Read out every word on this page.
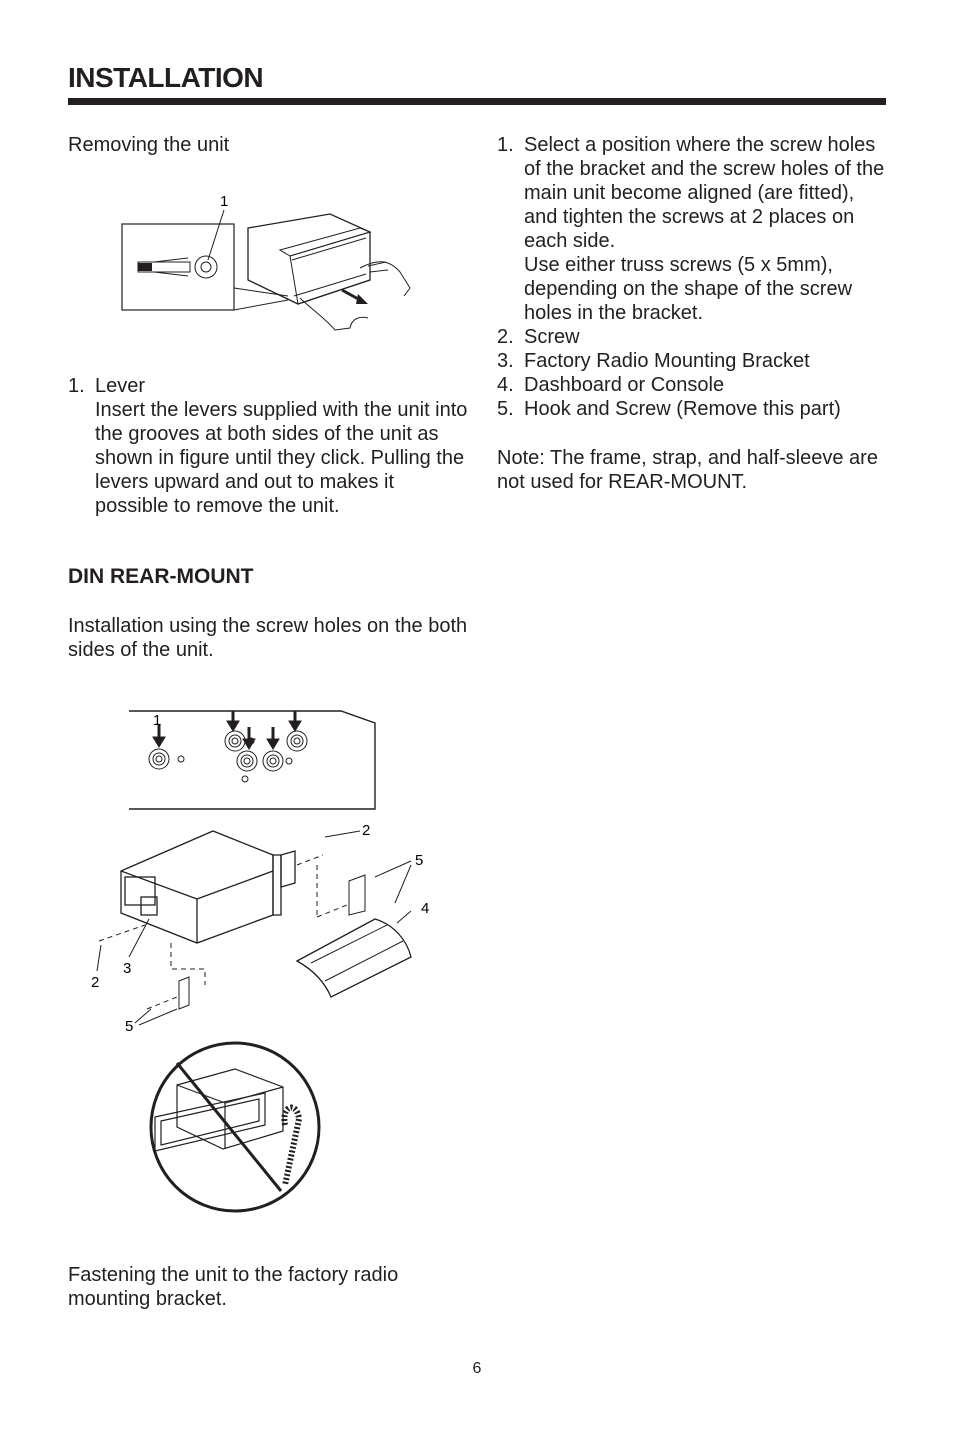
INSTALLATION
Removing the unit
1
1. Lever
Insert the levers supplied with the unit into the grooves at both sides of the unit as shown in figure until they click. Pulling the levers upward and out to makes it possible to remove the unit.
DIN REAR-MOUNT
Installation using the screw holes on the both sides of the unit.
1
2
5
4
2
3
5
Fastening the unit to the factory radio mounting bracket.
1. Select a position where the screw holes of the bracket and the screw holes of the main unit become aligned (are fitted), and tighten the screws at 2 places on each side.
Use either truss screws (5 x 5mm), depending on the shape of the screw holes in the bracket.
2. Screw
3. Factory Radio Mounting Bracket
4. Dashboard or Console
5. Hook and Screw (Remove this part)
Note: The frame, strap, and half-sleeve are not used for REAR-MOUNT.
6
